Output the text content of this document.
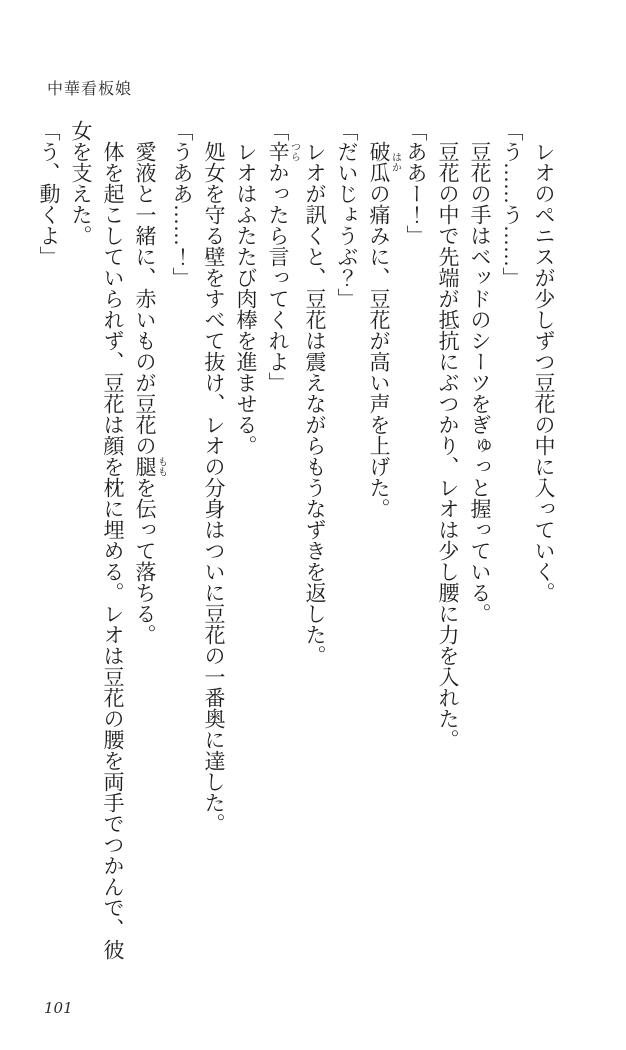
中華看板娘

レオのペニスが少しずつ豆花の中に入っていく。

「う……う……」

豆花の手はベッドのシーツをぎゅっと握っている。

豆花の中で先端が抵抗にぶつかり、レオは少し腰に力を入れた。

「ああー！」

破瓜はかの痛みに、豆花が高い声を上げた。

「だいじょうぶ？」

レオが訊くと、豆花は震えながらもうなずきを返した。

「辛つらかったら言ってくれよ」

レオはふたたび肉棒を進ませる。

処女を守る壁をすべて抜け、レオの分身はついに豆花の一番奥に達した。

「うああ……！」

愛液と一緒に、赤いものが豆花の腿ももを伝って落ちる。

体を起こしていられず、豆花は顔を枕に埋める。レオは豆花の腰を両手でつかんで、彼女を支えた。

「う、動くよ」

101
